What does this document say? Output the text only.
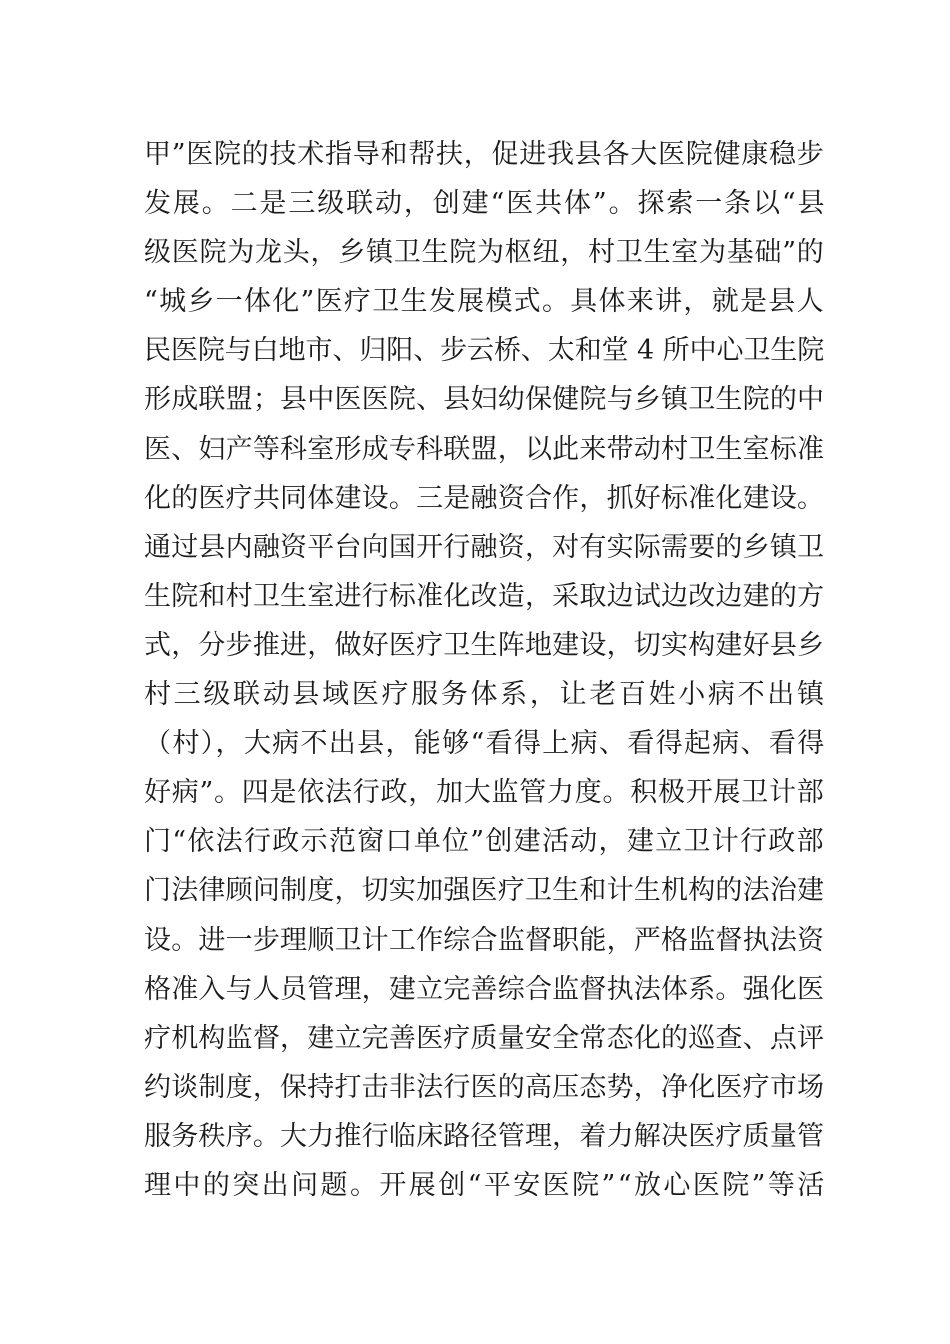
甲”医院的技术指导和帮扶，促进我县各大医院健康稳步
发展。二是三级联动，创建“医共体”。探索一条以“县
级医院为龙头，乡镇卫生院为枢纽，村卫生室为基础”的
“城乡一体化”医疗卫生发展模式。具体来讲，就是县人
民医院与白地市、归阳、步云桥、太和堂 4 所中心卫生院
形成联盟；县中医医院、县妇幼保健院与乡镇卫生院的中
医、妇产等科室形成专科联盟，以此来带动村卫生室标准
化的医疗共同体建设。三是融资合作，抓好标准化建设。
通过县内融资平台向国开行融资，对有实际需要的乡镇卫
生院和村卫生室进行标准化改造，采取边试边改边建的方
式，分步推进，做好医疗卫生阵地建设，切实构建好县乡
村三级联动县域医疗服务体系，让老百姓小病不出镇
（村），大病不出县，能够“看得上病、看得起病、看得
好病”。四是依法行政，加大监管力度。积极开展卫计部
门“依法行政示范窗口单位”创建活动，建立卫计行政部
门法律顾问制度，切实加强医疗卫生和计生机构的法治建
设。进一步理顺卫计工作综合监督职能，严格监督执法资
格准入与人员管理，建立完善综合监督执法体系。强化医
疗机构监督，建立完善医疗质量安全常态化的巡查、点评
约谈制度，保持打击非法行医的高压态势，净化医疗市场
服务秩序。大力推行临床路径管理，着力解决医疗质量管
理中的突出问题。开展创“平安医院”“放心医院”等活
